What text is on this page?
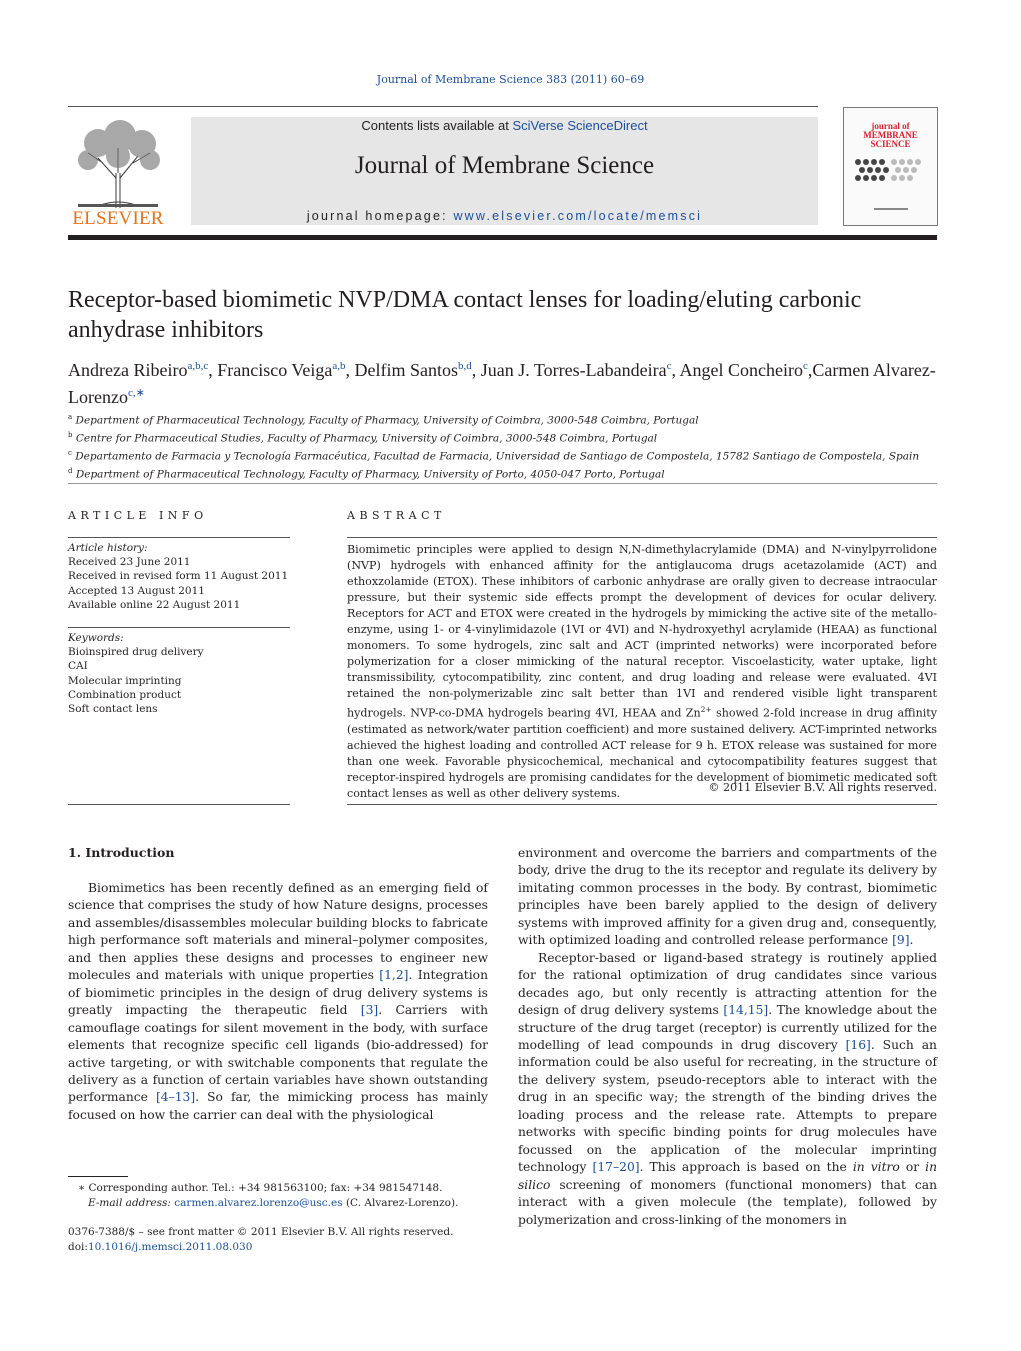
Journal of Membrane Science 383 (2011) 60–69
ELSEVIER
Contents lists available at SciVerse ScienceDirect
Journal of Membrane Science
journal homepage: www.elsevier.com/locate/memsci
journal of MEMBRANE SCIENCE
Receptor-based biomimetic NVP/DMA contact lenses for loading/eluting carbonic anhydrase inhibitors
Andreza Ribeiro$^{a,b,c}$, Francisco Veiga$^{a,b}$, Delfim Santos$^{b,d}$, Juan J. Torres-Labandeira$^c$, Angel Concheiro$^c$,Carmen Alvarez-Lorenzo$^{c,∗}$
$^a$ Department of Pharmaceutical Technology, Faculty of Pharmacy, University of Coimbra, 3000-548 Coimbra, Portugal
$^b$ Centre for Pharmaceutical Studies, Faculty of Pharmacy, University of Coimbra, 3000-548 Coimbra, Portugal
$^c$ Departamento de Farmacia y Tecnología Farmacéutica, Facultad de Farmacia, Universidad de Santiago de Compostela, 15782 Santiago de Compostela, Spain
$^d$ Department of Pharmaceutical Technology, Faculty of Pharmacy, University of Porto, 4050-047 Porto, Portugal
ARTICLE INFO	ABSTRACT
Article history:
Received 23 June 2011
Received in revised form 11 August 2011
Accepted 13 August 2011
Available online 22 August 2011
Keywords:
Bioinspired drug delivery
CAI
Molecular imprinting
Combination product
Soft contact lens
Biomimetic principles were applied to design N,N-dimethylacrylamide (DMA) and N-vinylpyrrolidone (NVP) hydrogels with enhanced affinity for the antiglaucoma drugs acetazolamide (ACT) and ethoxzolamide (ETOX). These inhibitors of carbonic anhydrase are orally given to decrease intraocular pressure, but their systemic side effects prompt the development of devices for ocular delivery. Receptors for ACT and ETOX were created in the hydrogels by mimicking the active site of the metallo-enzyme, using 1- or 4-vinylimidazole (1VI or 4VI) and N-hydroxyethyl acrylamide (HEAA) as functional monomers. To some hydrogels, zinc salt and ACT (imprinted networks) were incorporated before polymerization for a closer mimicking of the natural receptor. Viscoelasticity, water uptake, light transmissibility, cytocompatibility, zinc content, and drug loading and release were evaluated. 4VI retained the non-polymerizable zinc salt better than 1VI and rendered visible light transparent hydrogels. NVP-co-DMA hydrogels bearing 4VI, HEAA and $Zn^{2+}$ showed 2-fold increase in drug affinity (estimated as network/water partition coefficient) and more sustained delivery. ACT-imprinted networks achieved the highest loading and controlled ACT release for 9 h. ETOX release was sustained for more than one week. Favorable physicochemical, mechanical and cytocompatibility features suggest that receptor-inspired hydrogels are promising candidates for the development of biomimetic medicated soft contact lenses as well as other delivery systems.	© 2011 Elsevier B.V. All rights reserved.
1. Introduction

Biomimetics has been recently defined as an emerging field of science that comprises the study of how Nature designs, processes and assembles/disassembles molecular building blocks to fabricate high performance soft materials and mineral–polymer composites, and then applies these designs and processes to engineer new molecules and materials with unique properties [1,2]. Integration of biomimetic principles in the design of drug delivery systems is greatly impacting the therapeutic field [3]. Carriers with camouflage coatings for silent movement in the body, with surface elements that recognize specific cell ligands (bio-addressed) for active targeting, or with switchable components that regulate the delivery as a function of certain variables have shown outstanding performance [4–13]. So far, the mimicking process has mainly focused on how the carrier can deal with the physiological

environment and overcome the barriers and compartments of the body, drive the drug to the its receptor and regulate its delivery by imitating common processes in the body. By contrast, biomimetic principles have been barely applied to the design of delivery systems with improved affinity for a given drug and, consequently, with optimized loading and controlled release performance [9].

Receptor-based or ligand-based strategy is routinely applied for the rational optimization of drug candidates since various decades ago, but only recently is attracting attention for the design of drug delivery systems [14,15]. The knowledge about the structure of the drug target (receptor) is currently utilized for the modelling of lead compounds in drug discovery [16]. Such an information could be also useful for recreating, in the structure of the delivery system, pseudo-receptors able to interact with the drug in an specific way; the strength of the binding drives the loading process and the release rate. Attempts to prepare networks with specific binding points for drug molecules have focussed on the application of the molecular imprinting technology [17–20]. This approach is based on the in vitro or in silico screening of monomers (functional monomers) that can interact with a given molecule (the template), followed by polymerization and cross-linking of the monomers in

∗ Corresponding author. Tel.: +34 981563100; fax: +34 981547148.
E-mail address: carmen.alvarez.lorenzo@usc.es (C. Alvarez-Lorenzo).
0376-7388/$ – see front matter © 2011 Elsevier B.V. All rights reserved.
doi:10.1016/j.memsci.2011.08.030
